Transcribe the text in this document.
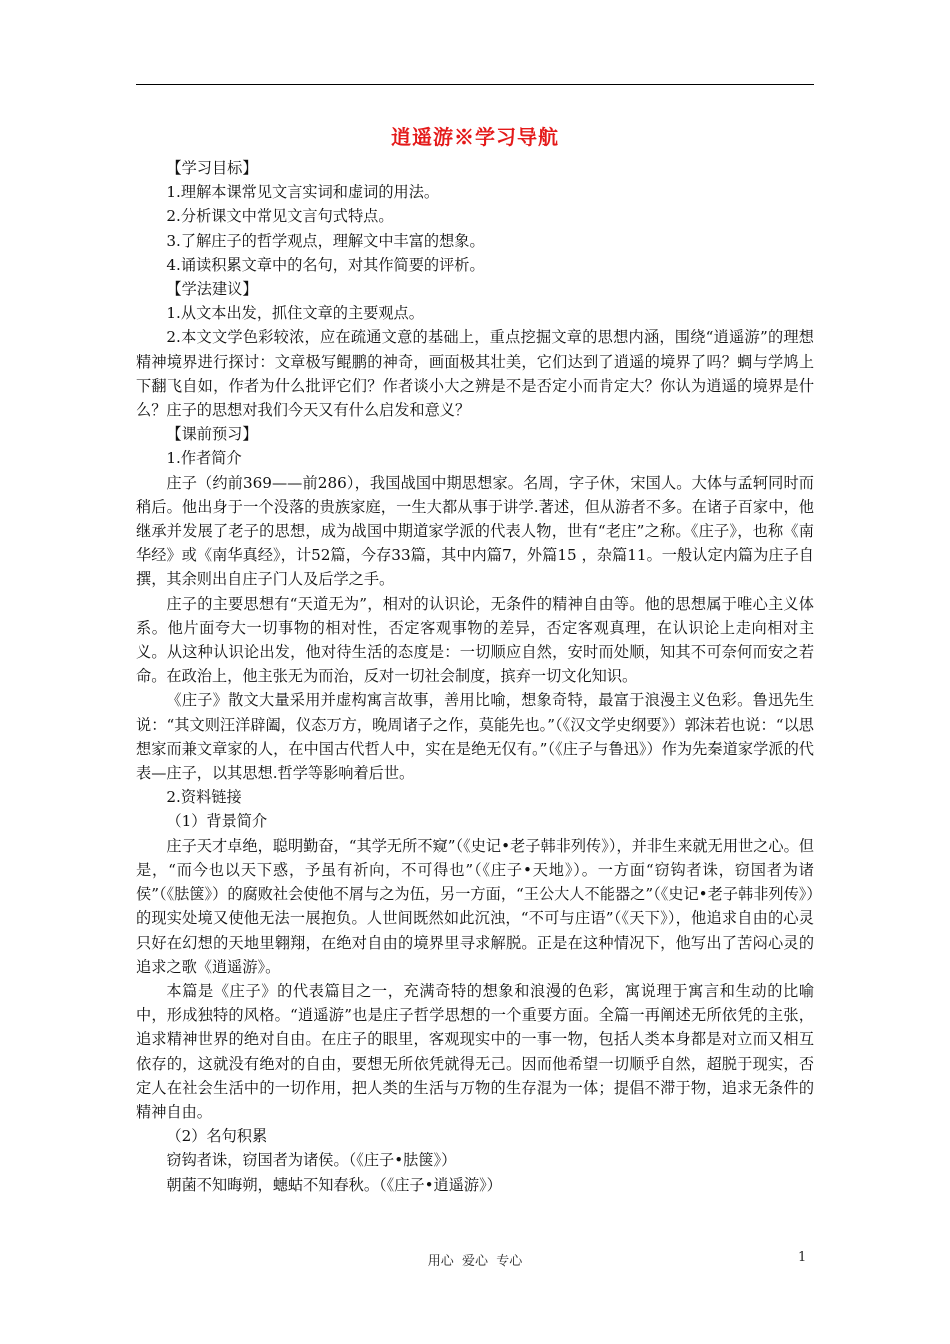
逍遥游※学习导航

【学习目标】

1.理解本课常见文言实词和虚词的用法。

2.分析课文中常见文言句式特点。

3.了解庄子的哲学观点，理解文中丰富的想象。

4.诵读积累文章中的名句，对其作简要的评析。

【学法建议】

1.从文本出发，抓住文章的主要观点。

2.本文文学色彩较浓，应在疏通文意的基础上，重点挖掘文章的思想内涵，围绕“逍遥游”的理想精神境界进行探讨：文章极写鲲鹏的神奇，画面极其壮美，它们达到了逍遥的境界了吗？蜩与学鸠上下翻飞自如，作者为什么批评它们？作者谈小大之辨是不是否定小而肯定大？你认为逍遥的境界是什么？庄子的思想对我们今天又有什么启发和意义？

【课前预习】

1.作者简介

庄子（约前369——前286），我国战国中期思想家。名周，字子休，宋国人。大体与孟轲同时而稍后。他出身于一个没落的贵族家庭，一生大都从事于讲学.著述，但从游者不多。在诸子百家中，他继承并发展了老子的思想，成为战国中期道家学派的代表人物，世有“老庄”之称。《庄子》，也称《南华经》或《南华真经》，计52篇，今存33篇，其中内篇7，外篇15 ，杂篇11。一般认定内篇为庄子自撰，其余则出自庄子门人及后学之手。

庄子的主要思想有“天道无为”，相对的认识论，无条件的精神自由等。他的思想属于唯心主义体系。他片面夸大一切事物的相对性，否定客观事物的差异，否定客观真理，在认识论上走向相对主义。从这种认识论出发，他对待生活的态度是：一切顺应自然，安时而处顺，知其不可奈何而安之若命。在政治上，他主张无为而治，反对一切社会制度，摈弃一切文化知识。

《庄子》散文大量采用并虚构寓言故事，善用比喻，想象奇特，最富于浪漫主义色彩。鲁迅先生说：“其文则汪洋辟阖，仪态万方，晚周诸子之作，莫能先也。”（《汉文学史纲要》）郭沫若也说：“以思想家而兼文章家的人，在中国古代哲人中，实在是绝无仅有。”（《庄子与鲁迅》）作为先秦道家学派的代表—庄子，以其思想.哲学等影响着后世。

2.资料链接

（1）背景简介

庄子天才卓绝，聪明勤奋，“其学无所不窥”（《史记•老子韩非列传》），并非生来就无用世之心。但是，“而今也以天下惑，予虽有祈向，不可得也”（《庄子•天地》）。一方面“窃钩者诛，窃国者为诸侯”（《胠箧》）的腐败社会使他不屑与之为伍，另一方面，“王公大人不能器之”（《史记•老子韩非列传》）的现实处境又使他无法一展抱负。人世间既然如此沉浊，“不可与庄语”（《天下》），他追求自由的心灵只好在幻想的天地里翱翔，在绝对自由的境界里寻求解脱。正是在这种情况下，他写出了苦闷心灵的追求之歌《逍遥游》。

本篇是《庄子》的代表篇目之一，充满奇特的想象和浪漫的色彩，寓说理于寓言和生动的比喻中，形成独特的风格。“逍遥游”也是庄子哲学思想的一个重要方面。全篇一再阐述无所依凭的主张，追求精神世界的绝对自由。在庄子的眼里，客观现实中的一事一物，包括人类本身都是对立而又相互依存的，这就没有绝对的自由，要想无所依凭就得无己。因而他希望一切顺乎自然，超脱于现实，否定人在社会生活中的一切作用，把人类的生活与万物的生存混为一体；提倡不滞于物，追求无条件的精神自由。

（2）名句积累

窃钩者诛，窃国者为诸侯。（《庄子•胠箧》）

朝菌不知晦朔，蟪蛄不知春秋。（《庄子•逍遥游》）

用心  爱心  专心	1
